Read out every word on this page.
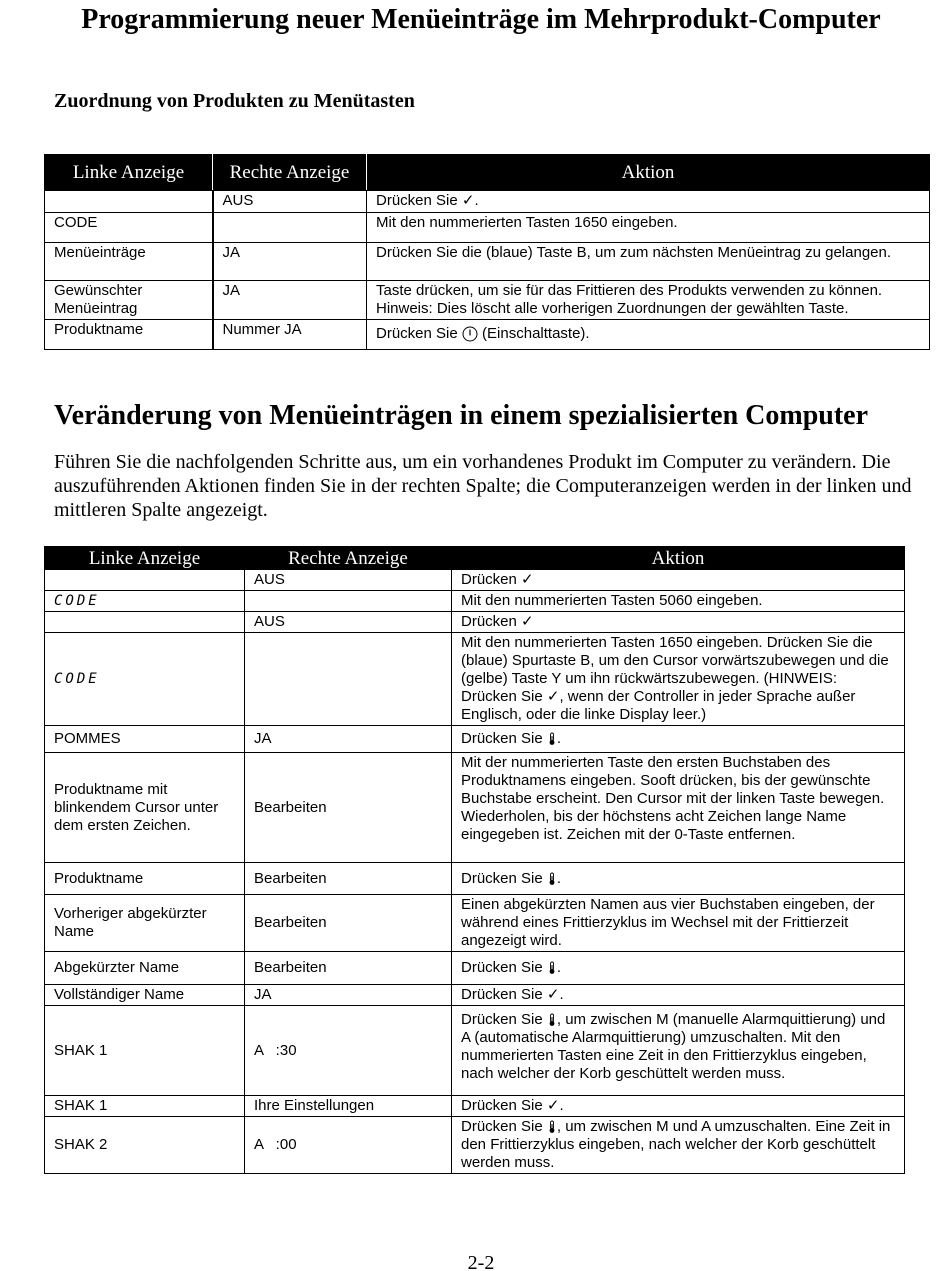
Programmierung neuer Menüeinträge im Mehrprodukt-Computer
Zuordnung von Produkten zu Menütasten
Linke Anzeige	Rechte Anzeige	Aktion
	AUS	Drücken Sie ✓.
CODE		Mit den nummerierten Tasten 1650 eingeben.
Menüeinträge	JA	Drücken Sie die (blaue) Taste B, um zum nächsten Menüeintrag zu gelangen.
Gewünschter Menüeintrag	JA	Taste drücken, um sie für das Frittieren des Produkts verwenden zu können. Hinweis: Dies löscht alle vorherigen Zuordnungen der gewählten Taste.
Produktname	Nummer JA	Drücken Sie (Einschalttaste).
Veränderung von Menüeinträgen in einem spezialisierten Computer
Führen Sie die nachfolgenden Schritte aus, um ein vorhandenes Produkt im Computer zu verändern. Die auszuführenden Aktionen finden Sie in der rechten Spalte; die Computeranzeigen werden in der linken und mittleren Spalte angezeigt.
Linke Anzeige	Rechte Anzeige	Aktion
	AUS	Drücken ✓
CODE		Mit den nummerierten Tasten 5060 eingeben.
	AUS	Drücken ✓
CODE		Mit den nummerierten Tasten 1650 eingeben. Drücken Sie die (blaue) Spurtaste B, um den Cursor vorwärtszubewegen und die (gelbe) Taste Y um ihn rückwärtszubewegen. (HINWEIS: Drücken Sie ✓, wenn der Controller in jeder Sprache außer Englisch, oder die linke Display leer.)
POMMES	JA	Drücken Sie .
Produktname mit blinkendem Cursor unter dem ersten Zeichen.	Bearbeiten	Mit der nummerierten Taste den ersten Buchstaben des Produktnamens eingeben. Sooft drücken, bis der gewünschte Buchstabe erscheint. Den Cursor mit der linken Taste bewegen. Wiederholen, bis der höchstens acht Zeichen lange Name eingegeben ist. Zeichen mit der 0-Taste entfernen.
Produktname	Bearbeiten	Drücken Sie .
Vorheriger abgekürzter Name	Bearbeiten	Einen abgekürzten Namen aus vier Buchstaben eingeben, der während eines Frittierzyklus im Wechsel mit der Frittierzeit angezeigt wird.
Abgekürzter Name	Bearbeiten	Drücken Sie .
Vollständiger Name	JA	Drücken Sie ✓.
SHAK 1	A   :30	Drücken Sie , um zwischen M (manuelle Alarmquittierung) und A (automatische Alarmquittierung) umzuschalten. Mit den nummerierten Tasten eine Zeit in den Frittierzyklus eingeben, nach welcher der Korb geschüttelt werden muss.
SHAK 1	Ihre Einstellungen	Drücken Sie ✓.
SHAK 2	A   :00	Drücken Sie , um zwischen M und A umzuschalten. Eine Zeit in den Frittierzyklus eingeben, nach welcher der Korb geschüttelt werden muss.
2-2
